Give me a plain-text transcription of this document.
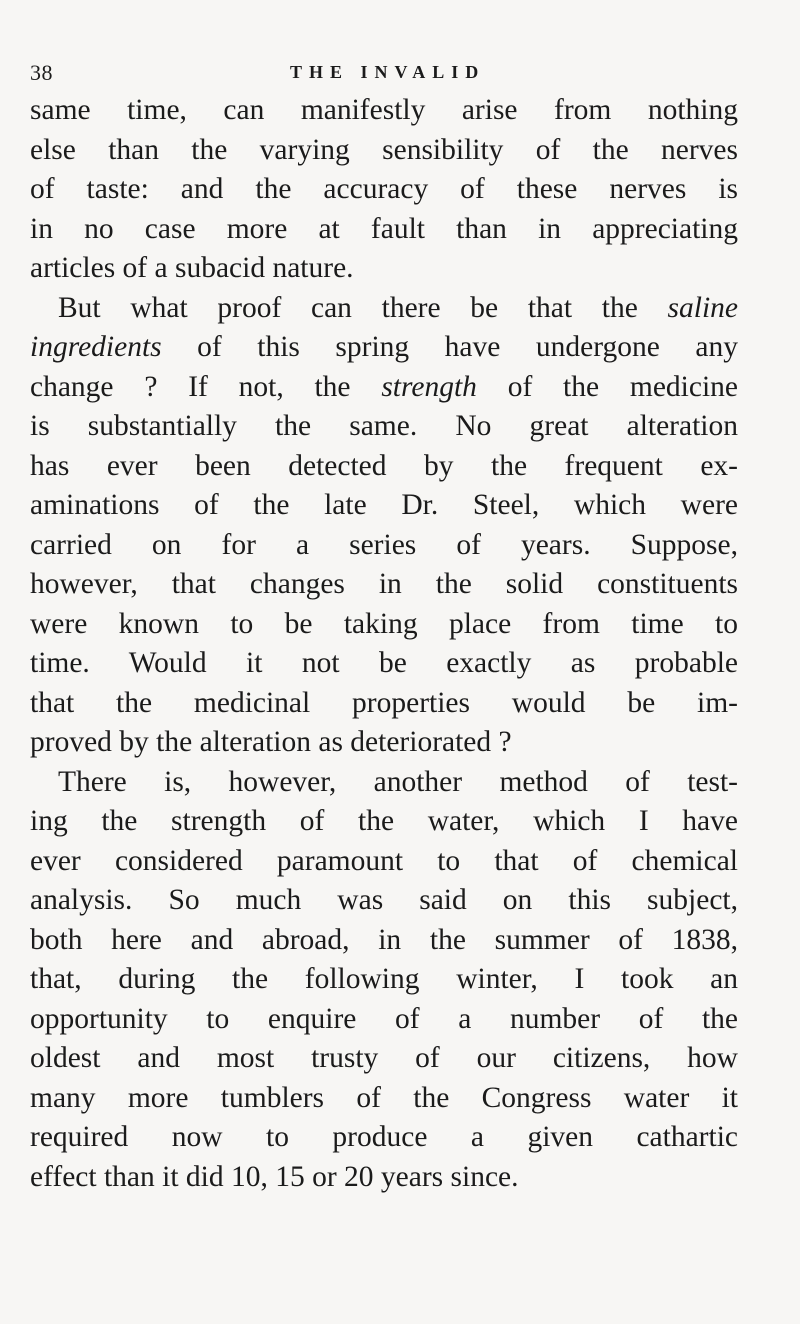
38	THE INVALID
same time, can manifestly arise from nothing
else than the varying sensibility of the nerves
of taste: and the accuracy of these nerves is
in no case more at fault than in appreciating
articles of a subacid nature.
But what proof can there be that the saline
ingredients of this spring have undergone any
change ? If not, the strength of the medicine
is substantially the same. No great alteration
has ever been detected by the frequent ex-
aminations of the late Dr. Steel, which were
carried on for a series of years. Suppose,
however, that changes in the solid constituents
were known to be taking place from time to
time. Would it not be exactly as probable
that the medicinal properties would be im-
proved by the alteration as deteriorated ?
There is, however, another method of test-
ing the strength of the water, which I have
ever considered paramount to that of chemical
analysis. So much was said on this subject,
both here and abroad, in the summer of 1838,
that, during the following winter, I took an
opportunity to enquire of a number of the
oldest and most trusty of our citizens, how
many more tumblers of the Congress water it
required now to produce a given cathartic
effect than it did 10, 15 or 20 years since.
